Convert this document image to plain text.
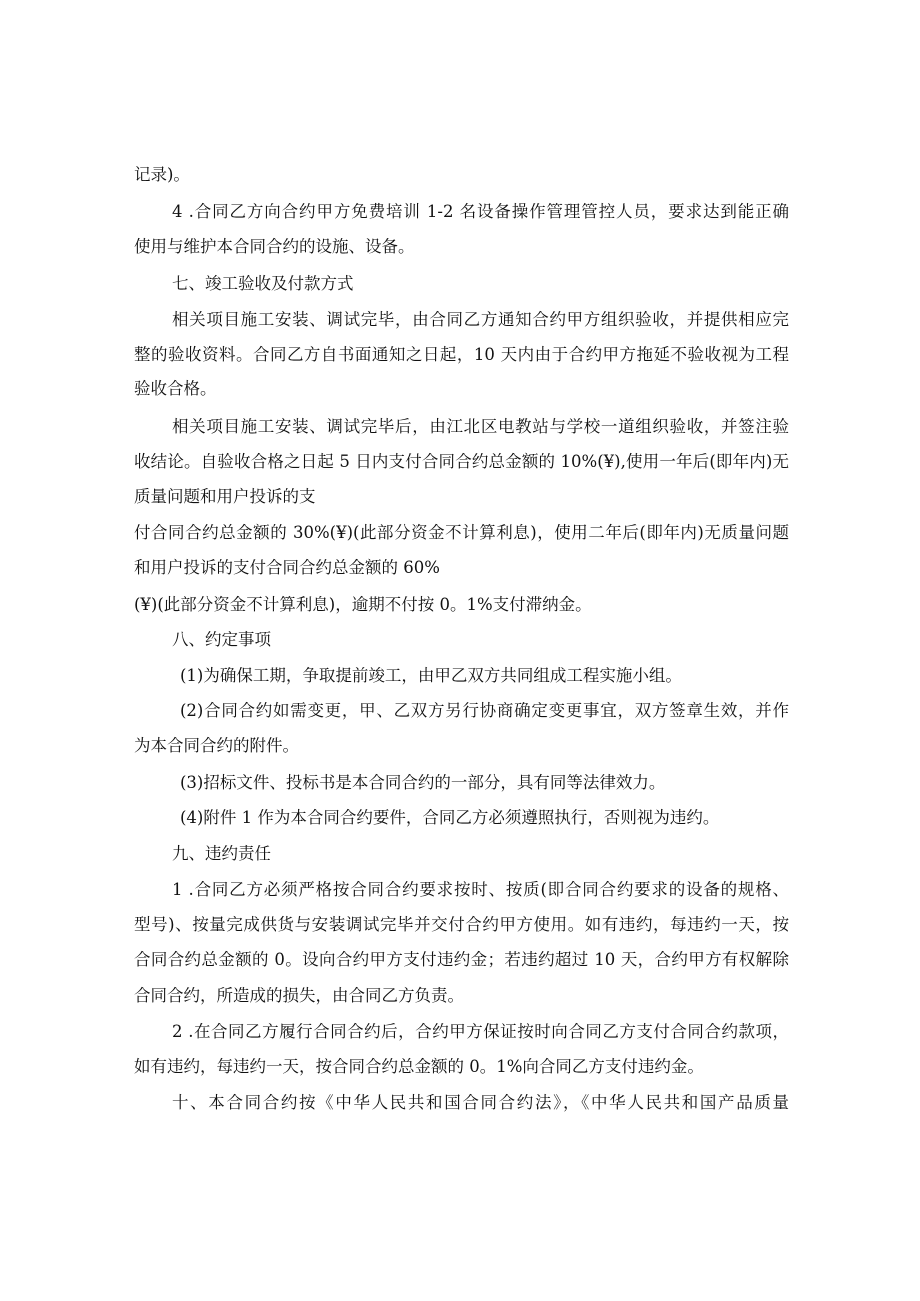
记录)。

4 .合同乙方向合约甲方免费培训 1-2 名设备操作管理管控人员，要求达到能正确

使用与维护本合同合约的设施、设备。

七、竣工验收及付款方式

相关项目施工安装、调试完毕，由合同乙方通知合约甲方组织验收，并提供相应完

整的验收资料。合同乙方自书面通知之日起，10 天内由于合约甲方拖延不验收视为工程

验收合格。

相关项目施工安装、调试完毕后，由江北区电教站与学校一道组织验收，并签注验

收结论。自验收合格之日起 5 日内支付合同合约总金额的 10%(¥),使用一年后(即年内)无

质量问题和用户投诉的支

付合同合约总金额的 30%(¥)(此部分资金不计算利息)，使用二年后(即年内)无质量问题

和用户投诉的支付合同合约总金额的 60%

(¥)(此部分资金不计算利息)，逾期不付按 0。1%支付滞纳金。

八、约定事项

(1)为确保工期，争取提前竣工，由甲乙双方共同组成工程实施小组。

(2)合同合约如需变更，甲、乙双方另行协商确定变更事宜，双方签章生效，并作

为本合同合约的附件。

(3)招标文件、投标书是本合同合约的一部分，具有同等法律效力。

(4)附件 1 作为本合同合约要件，合同乙方必须遵照执行，否则视为违约。

九、违约责任

1 .合同乙方必须严格按合同合约要求按时、按质(即合同合约要求的设备的规格、

型号)、按量完成供货与安装调试完毕并交付合约甲方使用。如有违约，每违约一天，按

合同合约总金额的 0。设向合约甲方支付违约金；若违约超过 10 天，合约甲方有权解除

合同合约，所造成的损失，由合同乙方负责。

2 .在合同乙方履行合同合约后，合约甲方保证按时向合同乙方支付合同合约款项，

如有违约，每违约一天，按合同合约总金额的 0。1%向合同乙方支付违约金。

十、本合同合约按《中华人民共和国合同合约法》，《中华人民共和国产品质量
